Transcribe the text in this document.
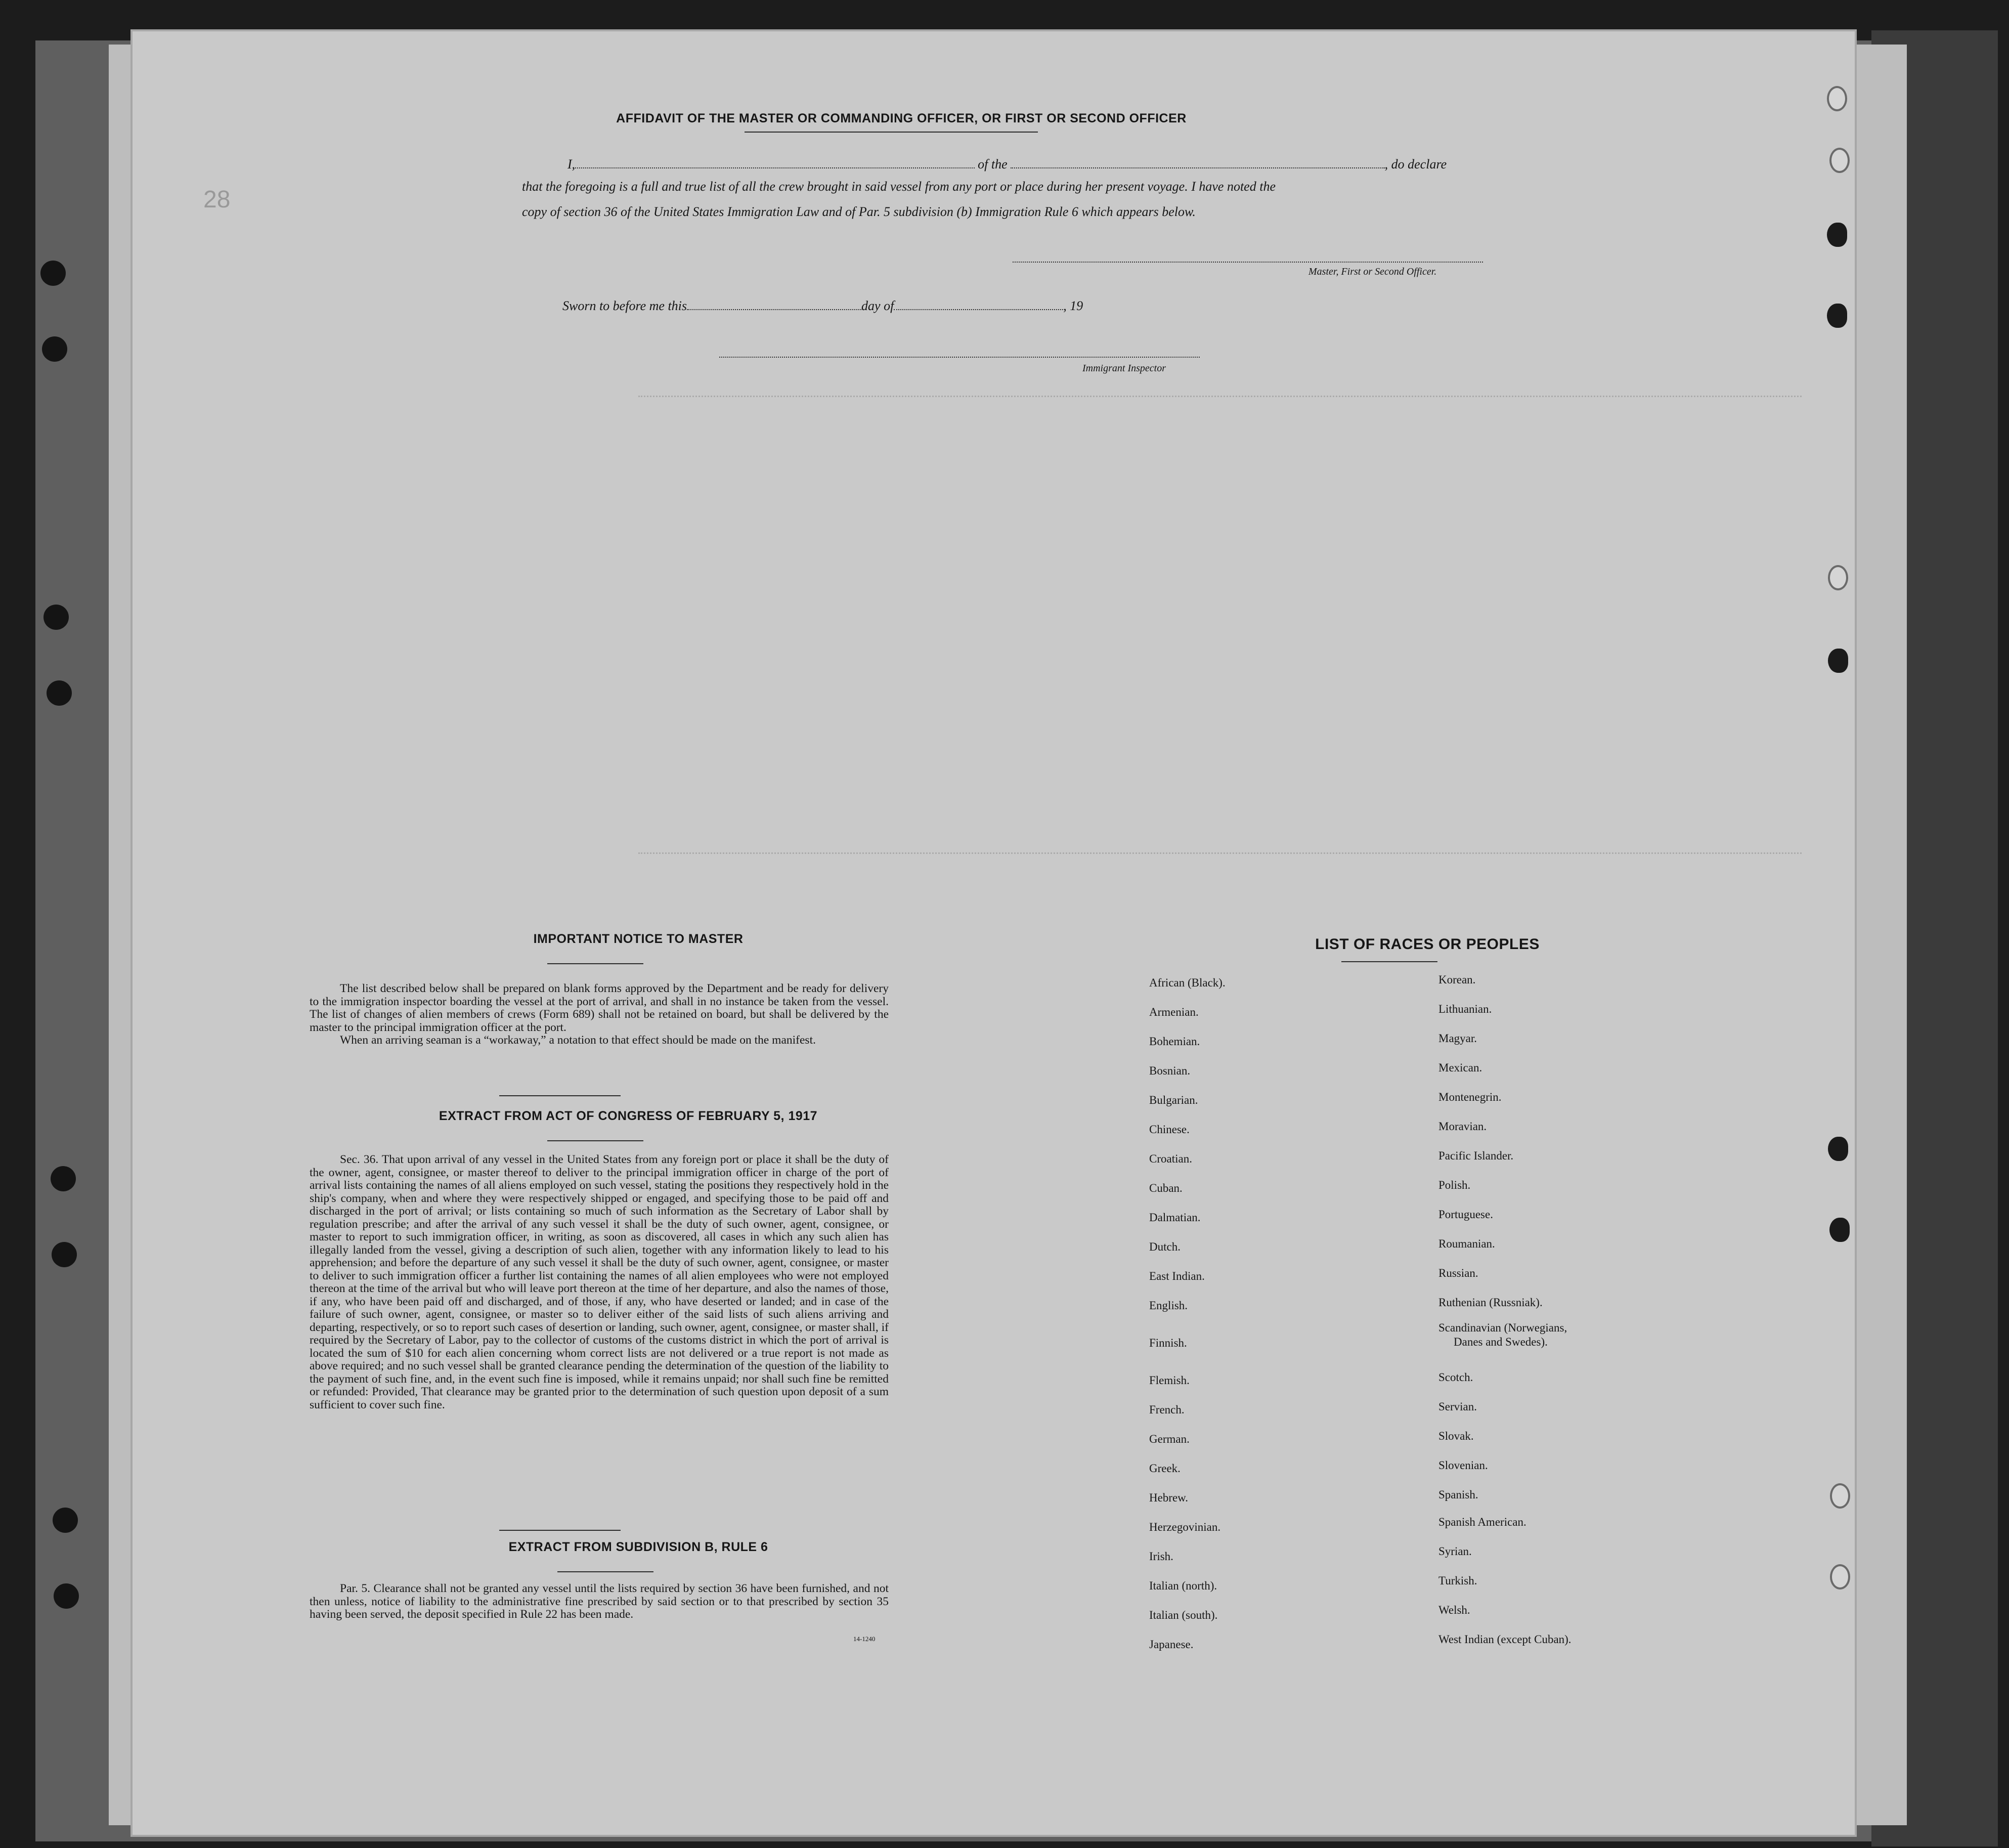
28
AFFIDAVIT OF THE MASTER OR COMMANDING OFFICER, OR FIRST OR SECOND OFFICER
I,	of the	, do declare
that the foregoing is a full and true list of all the crew brought in said vessel from any port or place during her present voyage. I have noted the
copy of section 36 of the United States Immigration Law and of Par. 5 subdivision (b) Immigration Rule 6 which appears below.
Master, First or Second Officer.
Sworn to before me this	day of	, 19
Immigrant Inspector
IMPORTANT NOTICE TO MASTER

The list described below shall be prepared on blank forms approved by the Department and be ready for delivery to the immigration inspector boarding the vessel at the port of arrival, and shall in no instance be taken from the vessel. The list of changes of alien members of crews (Form 689) shall not be retained on board, but shall be delivered by the master to the principal immigration officer at the port.

When an arriving seaman is a “workaway,” a notation to that effect should be made on the manifest.

EXTRACT FROM ACT OF CONGRESS OF FEBRUARY 5, 1917

Sec. 36. That upon arrival of any vessel in the United States from any foreign port or place it shall be the duty of the owner, agent, consignee, or master thereof to deliver to the principal immigration officer in charge of the port of arrival lists containing the names of all aliens employed on such vessel, stating the positions they respectively hold in the ship's company, when and where they were respectively shipped or engaged, and specifying those to be paid off and discharged in the port of arrival; or lists containing so much of such information as the Secretary of Labor shall by regulation prescribe; and after the arrival of any such vessel it shall be the duty of such owner, agent, consignee, or master to report to such immigration officer, in writing, as soon as discovered, all cases in which any such alien has illegally landed from the vessel, giving a description of such alien, together with any information likely to lead to his apprehension; and before the departure of any such vessel it shall be the duty of such owner, agent, consignee, or master to deliver to such immigration officer a further list containing the names of all alien employees who were not employed thereon at the time of the arrival but who will leave port thereon at the time of her departure, and also the names of those, if any, who have been paid off and discharged, and of those, if any, who have deserted or landed; and in case of the failure of such owner, agent, consignee, or master so to deliver either of the said lists of such aliens arriving and departing, respectively, or so to report such cases of desertion or landing, such owner, agent, consignee, or master shall, if required by the Secretary of Labor, pay to the collector of customs of the customs district in which the port of arrival is located the sum of $10 for each alien concerning whom correct lists are not delivered or a true report is not made as above required; and no such vessel shall be granted clearance pending the determination of the question of the liability to the payment of such fine, and, in the event such fine is imposed, while it remains unpaid; nor shall such fine be remitted or refunded: Provided, That clearance may be granted prior to the determination of such question upon deposit of a sum sufficient to cover such fine.

EXTRACT FROM SUBDIVISION B, RULE 6

Par. 5. Clearance shall not be granted any vessel until the lists required by section 36 have been furnished, and not then unless, notice of liability to the administrative fine prescribed by said section or to that prescribed by section 35 having been served, the deposit specified in Rule 22 has been made.

14-1240
LIST OF RACES OR PEOPLES
African (Black).
Armenian.
Bohemian.
Bosnian.
Bulgarian.
Chinese.
Croatian.
Cuban.
Dalmatian.
Dutch.
East Indian.
English.
Finnish.
Flemish.
French.
German.
Greek.
Hebrew.
Herzegovinian.
Irish.
Italian (north).
Italian (south).
Japanese.
Korean.
Lithuanian.
Magyar.
Mexican.
Montenegrin.
Moravian.
Pacific Islander.
Polish.
Portuguese.
Roumanian.
Russian.
Ruthenian (Russniak).
Scandinavian (Norwegians,
Danes and Swedes).
Scotch.
Servian.
Slovak.
Slovenian.
Spanish.
Spanish American.
Syrian.
Turkish.
Welsh.
West Indian (except Cuban).
